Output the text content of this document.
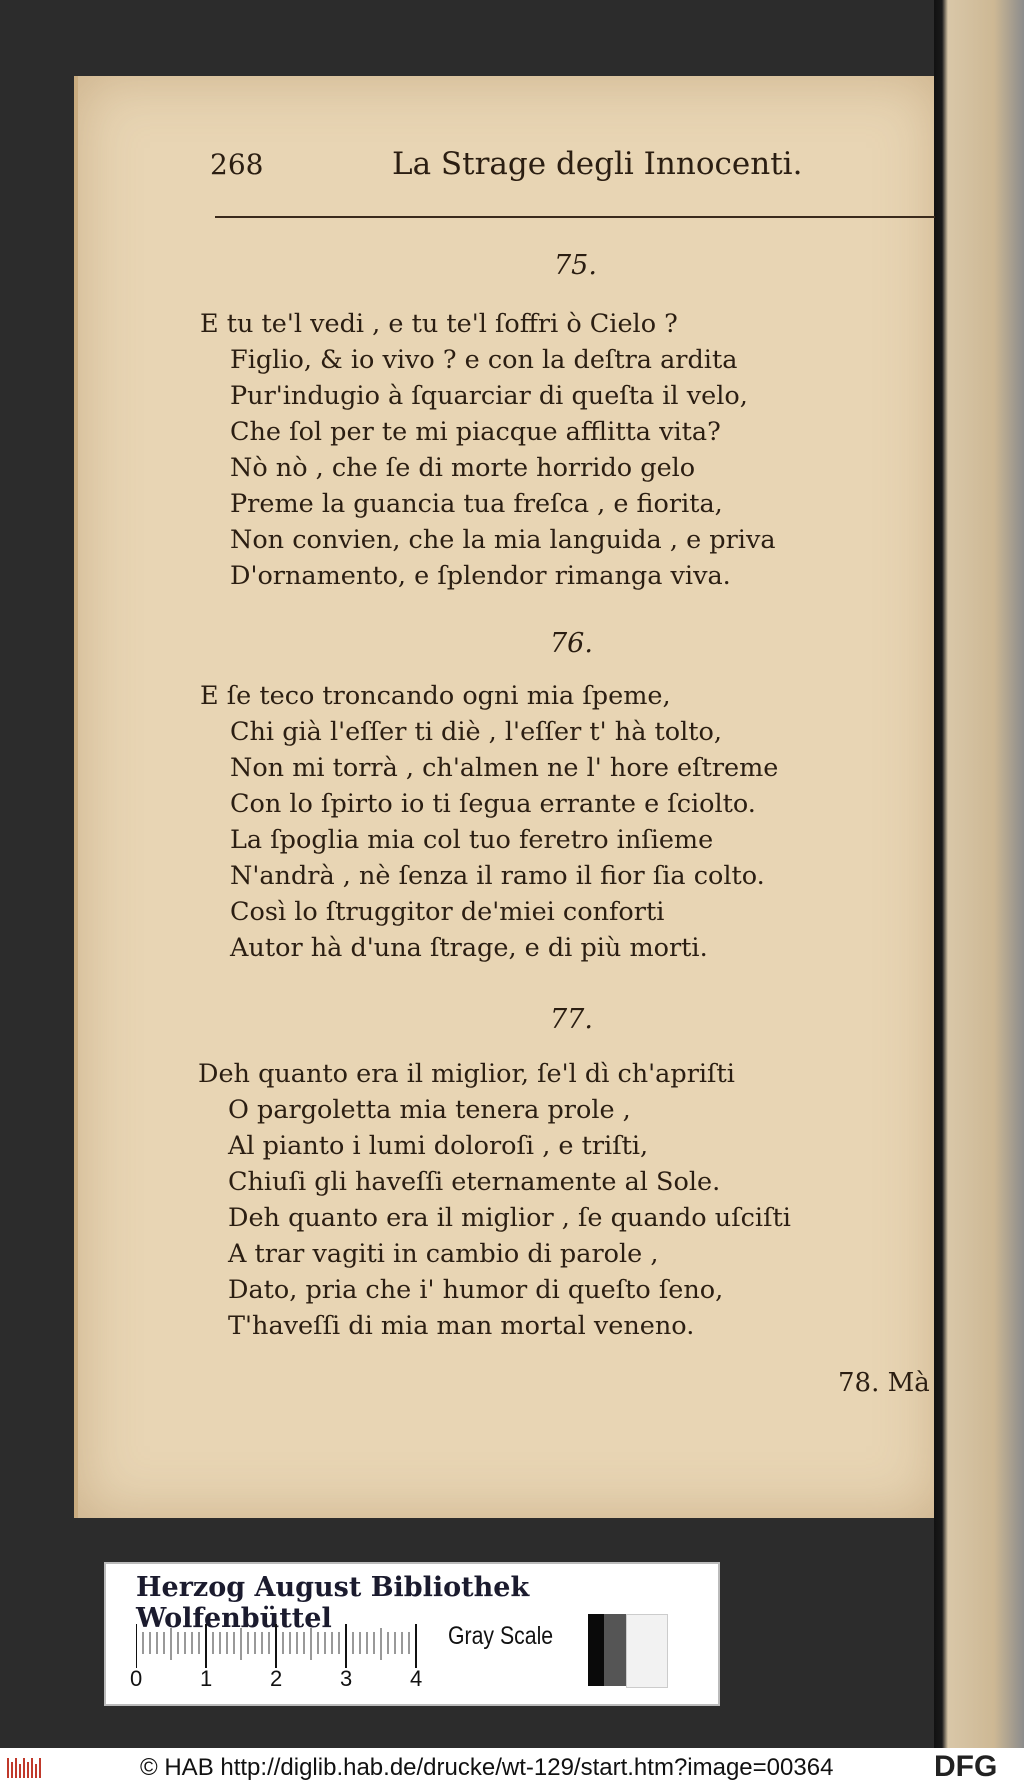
268	La Strage degli Innocenti.
75.
E tu te'l vedi , e tu te'l ſoffri ò Cielo ?
Figlio, & io vivo ? e con la deſtra ardita
Pur'indugio à ſquarciar di queſta il velo,
Che ſol per te mi piacque afflitta vita?
Nò nò , che ſe di morte horrido gelo
Preme la guancia tua freſca , e fiorita,
Non convien, che la mia languida , e priva
D'ornamento, e ſplendor rimanga viva.
76.
E ſe teco troncando ogni mia ſpeme,
Chi già l'eſſer ti diè , l'eſſer t' hà tolto,
Non mi torrà , ch'almen ne l' hore eſtreme
Con lo ſpirto io ti ſegua errante e ſciolto.
La ſpoglia mia col tuo feretro inſieme
N'andrà , nè ſenza il ramo il fior ſia colto.
Così lo ſtruggitor de'miei conforti
Autor hà d'una ſtrage, e di più morti.
77.
Deh quanto era il miglior, ſe'l dì ch'apriſti
O pargoletta mia tenera prole ,
Al pianto i lumi doloroſi , e triſti,
Chiuſi gli haveſſi eternamente al Sole.
Deh quanto era il miglior , ſe quando uſciſti
A trar vagiti in cambio di parole ,
Dato, pria che i' humor di queſto ſeno,
T'haveſſi di mia man mortal veneno.
78. Mà
Herzog August Bibliothek Wolfenbüttel
0	1	2	3	4
Gray Scale
© HAB http://diglib.hab.de/drucke/wt-129/start.htm?image=00364	DFG
